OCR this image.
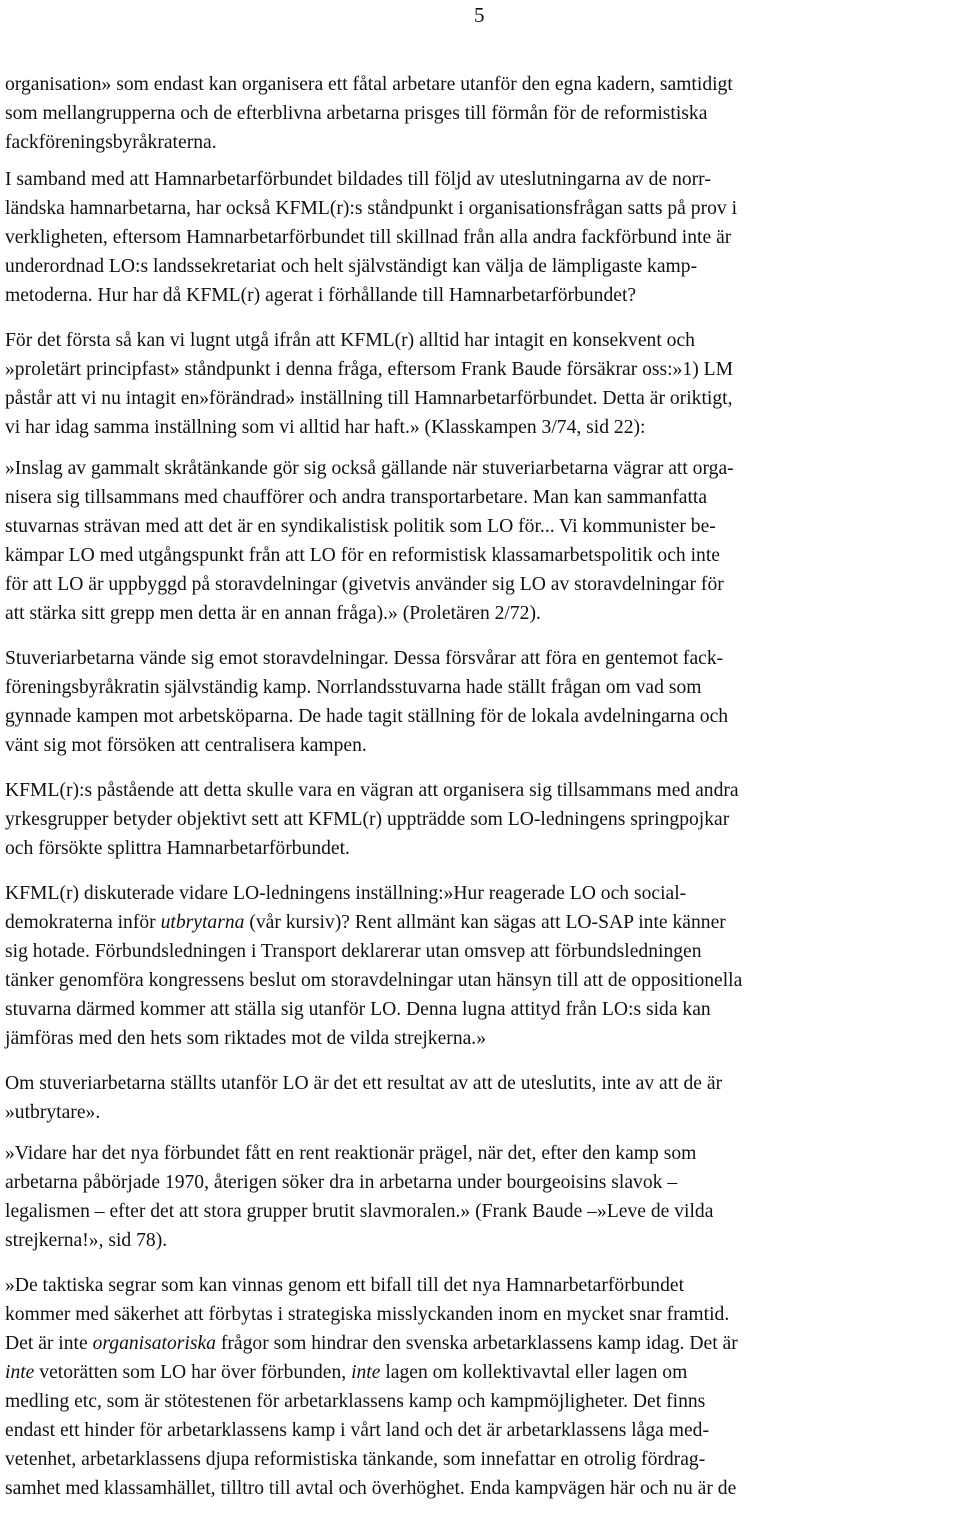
5

organisation» som endast kan organisera ett fåtal arbetare utanför den egna kadern, samtidigt
som mellangrupperna och de efterblivna arbetarna prisges till förmån för de reformistiska
fackföreningsbyråkraterna.

I samband med att Hamnarbetarförbundet bildades till följd av uteslutningarna av de norr-
ländska hamnarbetarna, har också KFML(r):s ståndpunkt i organisationsfrågan satts på prov i
verkligheten, eftersom Hamnarbetarförbundet till skillnad från alla andra fackförbund inte är
underordnad LO:s landssekretariat och helt självständigt kan välja de lämpligaste kamp-
metoderna. Hur har då KFML(r) agerat i förhållande till Hamnarbetarförbundet?

För det första så kan vi lugnt utgå ifrån att KFML(r) alltid har intagit en konsekvent och
»proletärt principfast» ståndpunkt i denna fråga, eftersom Frank Baude försäkrar oss:»1) LM
påstår att vi nu intagit en»förändrad» inställning till Hamnarbetarförbundet. Detta är oriktigt,
vi har idag samma inställning som vi alltid har haft.» (Klasskampen 3/74, sid 22):

»Inslag av gammalt skråtänkande gör sig också gällande när stuveriarbetarna vägrar att orga-
nisera sig tillsammans med chaufförer och andra transportarbetare. Man kan sammanfatta
stuvarnas strävan med att det är en syndikalistisk politik som LO för... Vi kommunister be-
kämpar LO med utgångspunkt från att LO för en reformistisk klassamarbetspolitik och inte
för att LO är uppbyggd på storavdelningar (givetvis använder sig LO av storavdelningar för
att stärka sitt grepp men detta är en annan fråga).» (Proletären 2/72).

Stuveriarbetarna vände sig emot storavdelningar. Dessa försvårar att föra en gentemot fack-
föreningsbyråkratin självständig kamp. Norrlandsstuvarna hade ställt frågan om vad som
gynnade kampen mot arbetsköparna. De hade tagit ställning för de lokala avdelningarna och
vänt sig mot försöken att centralisera kampen.

KFML(r):s påstående att detta skulle vara en vägran att organisera sig tillsammans med andra
yrkesgrupper betyder objektivt sett att KFML(r) uppträdde som LO-ledningens springpojkar
och försökte splittra Hamnarbetarförbundet.

KFML(r) diskuterade vidare LO-ledningens inställning:»Hur reagerade LO och social-
demokraterna inför utbrytarna (vår kursiv)? Rent allmänt kan sägas att LO-SAP inte känner
sig hotade. Förbundsledningen i Transport deklarerar utan omsvep att förbundsledningen
tänker genomföra kongressens beslut om storavdelningar utan hänsyn till att de oppositionella
stuvarna därmed kommer att ställa sig utanför LO. Denna lugna attityd från LO:s sida kan
jämföras med den hets som riktades mot de vilda strejkerna.»

Om stuveriarbetarna ställts utanför LO är det ett resultat av att de uteslutits, inte av att de är
»utbrytare».

»Vidare har det nya förbundet fått en rent reaktionär prägel, när det, efter den kamp som
arbetarna påbörjade 1970, återigen söker dra in arbetarna under bourgeoisins slavok –
legalismen – efter det att stora grupper brutit slavmoralen.» (Frank Baude –»Leve de vilda
strejkerna!», sid 78).

»De taktiska segrar som kan vinnas genom ett bifall till det nya Hamnarbetarförbundet
kommer med säkerhet att förbytas i strategiska misslyckanden inom en mycket snar framtid.
Det är inte organisatoriska frågor som hindrar den svenska arbetarklassens kamp idag. Det är
inte vetorätten som LO har över förbunden, inte lagen om kollektivavtal eller lagen om
medling etc, som är stötestenen för arbetarklassens kamp och kampmöjligheter. Det finns
endast ett hinder för arbetarklassens kamp i vårt land och det är arbetarklassens låga med-
vetenhet, arbetarklassens djupa reformistiska tänkande, som innefattar en otrolig fördrag-
samhet med klassamhället, tilltro till avtal och överhöghet. Enda kampvägen här och nu är de
